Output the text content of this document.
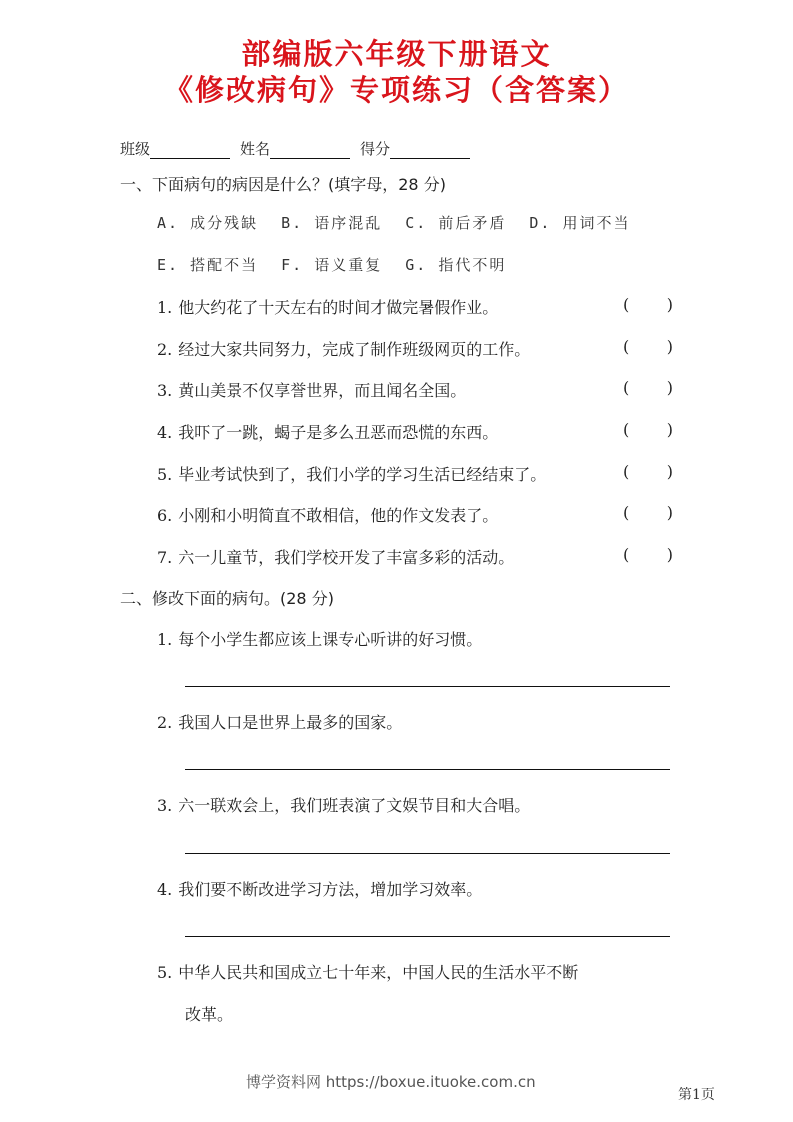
部编版六年级下册语文
《修改病句》专项练习（含答案）
班级	姓名	得分
一、下面病句的病因是什么？(填字母，28 分)
A. 成分残缺 B. 语序混乱 C. 前后矛盾 D. 用词不当
E. 搭配不当 F. 语义重复 G. 指代不明
1. 他大约花了十天左右的时间才做完暑假作业。	( )
2. 经过大家共同努力，完成了制作班级网页的工作。	( )
3. 黄山美景不仅享誉世界，而且闻名全国。	( )
4. 我吓了一跳，蝎子是多么丑恶而恐慌的东西。	( )
5. 毕业考试快到了，我们小学的学习生活已经结束了。	( )
6. 小刚和小明简直不敢相信，他的作文发表了。	( )
7. 六一儿童节，我们学校开发了丰富多彩的活动。	( )
二、修改下面的病句。(28 分)
1. 每个小学生都应该上课专心听讲的好习惯。
2. 我国人口是世界上最多的国家。
3. 六一联欢会上，我们班表演了文娱节目和大合唱。
4. 我们要不断改进学习方法，增加学习效率。
5. 中华人民共和国成立七十年来，中国人民的生活水平不断
改革。
博学资料网 https://boxue.ituoke.com.cn
第1页
